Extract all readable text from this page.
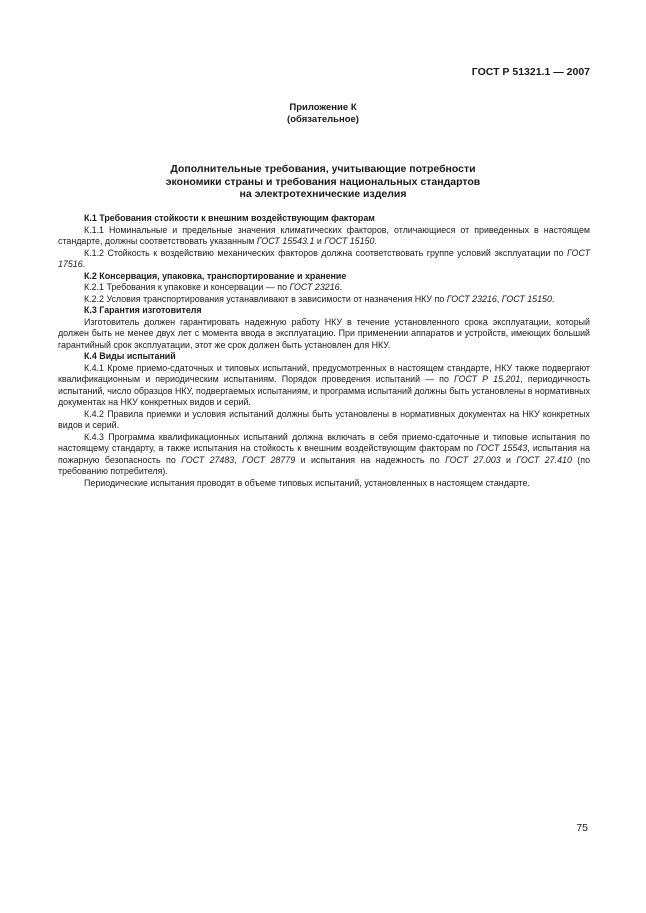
ГОСТ Р 51321.1 — 2007
Приложение К
(обязательное)
Дополнительные требования, учитывающие потребности
экономики страны и требования национальных стандартов
на электротехнические изделия

К.1 Требования стойкости к внешним воздействующим факторам

К.1.1 Номинальные и предельные значения климатических факторов, отличающиеся от приведенных в настоящем стандарте, должны соответствовать указанным ГОСТ 15543.1 и ГОСТ 15150.

К.1.2 Стойкость к воздействию механических факторов должна соответствовать группе условий эксплуатации по ГОСТ 17516.

К.2 Консервация, упаковка, транспортирование и хранение

К.2.1 Требования к упаковке и консервации — по ГОСТ 23216.

К.2.2 Условия транспортирования устанавливают в зависимости от назначения НКУ по ГОСТ 23216, ГОСТ 15150.

К.3 Гарантия изготовителя

Изготовитель должен гарантировать надежную работу НКУ в течение установленного срока эксплуатации, который должен быть не менее двух лет с момента ввода в эксплуатацию. При применении аппаратов и устройств, имеющих больший гарантийный срок эксплуатации, этот же срок должен быть установлен для НКУ.

К.4 Виды испытаний

К.4.1 Кроме приемо-сдаточных и типовых испытаний, предусмотренных в настоящем стандарте, НКУ также подвергают квалификационным и периодическим испытаниям. Порядок проведения испытаний — по ГОСТ Р 15.201, периодичность испытаний, число образцов НКУ, подвергаемых испытаниям, и программа испытаний должны быть установлены в нормативных документах на НКУ конкретных видов и серий.

К.4.2 Правила приемки и условия испытаний должны быть установлены в нормативных документах на НКУ конкретных видов и серий.

К.4.3 Программа квалификационных испытаний должна включать в себя приемо-сдаточные и типовые испытания по настоящему стандарту, а также испытания на стойкость к внешним воздействующим факторам по ГОСТ 15543, испытания на пожарную безопасность по ГОСТ 27483, ГОСТ 28779 и испытания на надежность по ГОСТ 27.003 и ГОСТ 27.410 (по требованию потребителя).

Периодические испытания проводят в объеме типовых испытаний, установленных в настоящем стандарте.

75
